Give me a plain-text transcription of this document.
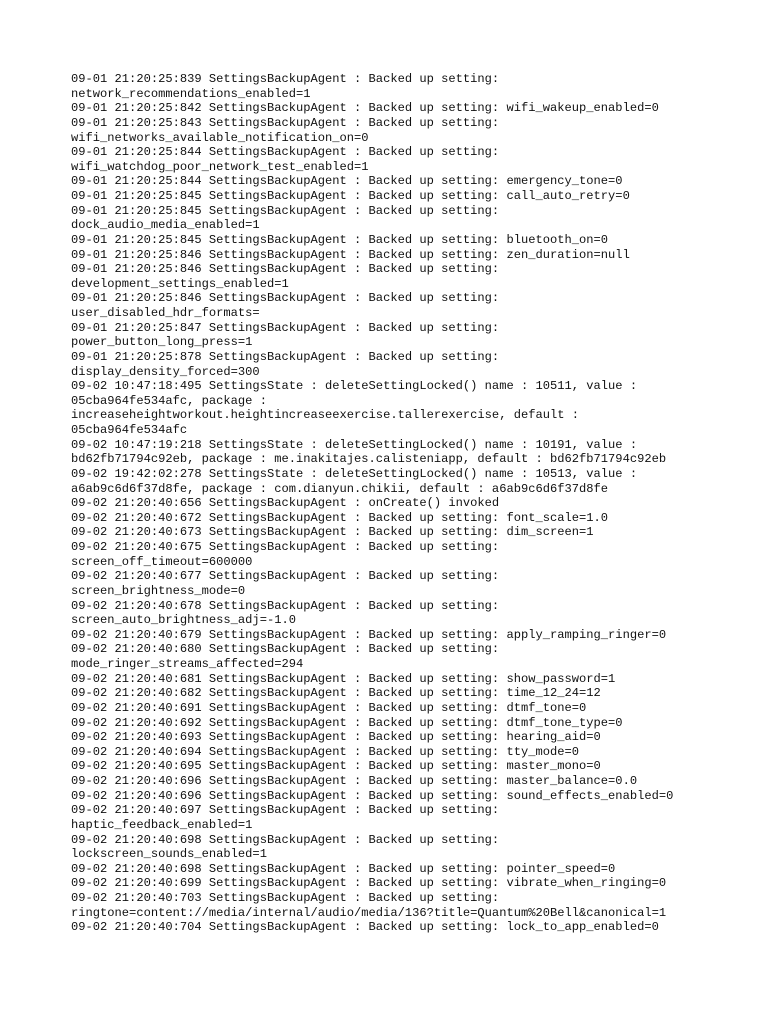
09-01 21:20:25:839 SettingsBackupAgent : Backed up setting:
network_recommendations_enabled=1
09-01 21:20:25:842 SettingsBackupAgent : Backed up setting: wifi_wakeup_enabled=0
09-01 21:20:25:843 SettingsBackupAgent : Backed up setting:
wifi_networks_available_notification_on=0
09-01 21:20:25:844 SettingsBackupAgent : Backed up setting:
wifi_watchdog_poor_network_test_enabled=1
09-01 21:20:25:844 SettingsBackupAgent : Backed up setting: emergency_tone=0
09-01 21:20:25:845 SettingsBackupAgent : Backed up setting: call_auto_retry=0
09-01 21:20:25:845 SettingsBackupAgent : Backed up setting:
dock_audio_media_enabled=1
09-01 21:20:25:845 SettingsBackupAgent : Backed up setting: bluetooth_on=0
09-01 21:20:25:846 SettingsBackupAgent : Backed up setting: zen_duration=null
09-01 21:20:25:846 SettingsBackupAgent : Backed up setting:
development_settings_enabled=1
09-01 21:20:25:846 SettingsBackupAgent : Backed up setting:
user_disabled_hdr_formats=
09-01 21:20:25:847 SettingsBackupAgent : Backed up setting:
power_button_long_press=1
09-01 21:20:25:878 SettingsBackupAgent : Backed up setting:
display_density_forced=300
09-02 10:47:18:495 SettingsState : deleteSettingLocked() name : 10511, value :
05cba964fe534afc, package :
increaseheightworkout.heightincreaseexercise.tallerexercise, default :
05cba964fe534afc
09-02 10:47:19:218 SettingsState : deleteSettingLocked() name : 10191, value :
bd62fb71794c92eb, package : me.inakitajes.calisteniapp, default : bd62fb71794c92eb
09-02 19:42:02:278 SettingsState : deleteSettingLocked() name : 10513, value :
a6ab9c6d6f37d8fe, package : com.dianyun.chikii, default : a6ab9c6d6f37d8fe
09-02 21:20:40:656 SettingsBackupAgent : onCreate() invoked
09-02 21:20:40:672 SettingsBackupAgent : Backed up setting: font_scale=1.0
09-02 21:20:40:673 SettingsBackupAgent : Backed up setting: dim_screen=1
09-02 21:20:40:675 SettingsBackupAgent : Backed up setting:
screen_off_timeout=600000
09-02 21:20:40:677 SettingsBackupAgent : Backed up setting:
screen_brightness_mode=0
09-02 21:20:40:678 SettingsBackupAgent : Backed up setting:
screen_auto_brightness_adj=-1.0
09-02 21:20:40:679 SettingsBackupAgent : Backed up setting: apply_ramping_ringer=0
09-02 21:20:40:680 SettingsBackupAgent : Backed up setting:
mode_ringer_streams_affected=294
09-02 21:20:40:681 SettingsBackupAgent : Backed up setting: show_password=1
09-02 21:20:40:682 SettingsBackupAgent : Backed up setting: time_12_24=12
09-02 21:20:40:691 SettingsBackupAgent : Backed up setting: dtmf_tone=0
09-02 21:20:40:692 SettingsBackupAgent : Backed up setting: dtmf_tone_type=0
09-02 21:20:40:693 SettingsBackupAgent : Backed up setting: hearing_aid=0
09-02 21:20:40:694 SettingsBackupAgent : Backed up setting: tty_mode=0
09-02 21:20:40:695 SettingsBackupAgent : Backed up setting: master_mono=0
09-02 21:20:40:696 SettingsBackupAgent : Backed up setting: master_balance=0.0
09-02 21:20:40:696 SettingsBackupAgent : Backed up setting: sound_effects_enabled=0
09-02 21:20:40:697 SettingsBackupAgent : Backed up setting:
haptic_feedback_enabled=1
09-02 21:20:40:698 SettingsBackupAgent : Backed up setting:
lockscreen_sounds_enabled=1
09-02 21:20:40:698 SettingsBackupAgent : Backed up setting: pointer_speed=0
09-02 21:20:40:699 SettingsBackupAgent : Backed up setting: vibrate_when_ringing=0
09-02 21:20:40:703 SettingsBackupAgent : Backed up setting:
ringtone=content://media/internal/audio/media/136?title=Quantum%20Bell&canonical=1
09-02 21:20:40:704 SettingsBackupAgent : Backed up setting: lock_to_app_enabled=0
